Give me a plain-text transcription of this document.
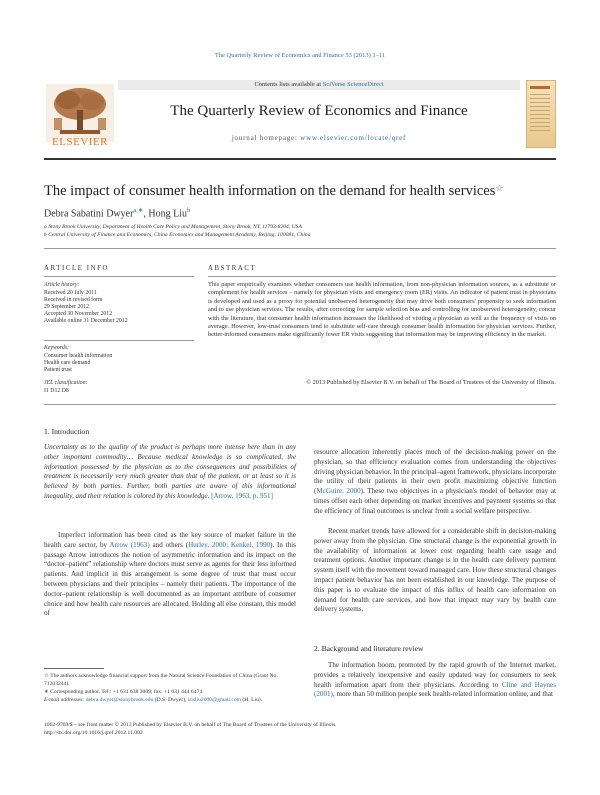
The Quarterly Review of Economics and Finance 53 (2013) 1–11
Contents lists available at SciVerse ScienceDirect
ELSEVIER
The Quarterly Review of Economics and Finance
journal homepage: www.elsevier.com/locate/qref
The impact of consumer health information on the demand for health services☆
Debra Sabatini Dwyer$^{a,∗}$, Hong Liu$^b$
a Stony Brook University, Department of Health Care Policy and Management, Stony Brook, NY, 11793-8204, USA
b Central University of Finance and Economics, China Economics and Management Academy, Beijing, 100081, China
ARTICLE INFO
Article history:
Received 20 July 2011
Received in revised form
29 September 2012
Accepted 30 November 2012
Available online 31 December 2012
Keywords:
Consumer health information
Health care demand
Patient trust
JEL classification:
I1 D12 D8
ABSTRACT
This paper empirically examines whether consumers use health information, from non-physician information sources, as a substitute or complement for health services – namely for physician visits and emergency room (ER) visits. An indicator of patient trust in physicians is developed and used as a proxy for potential unobserved heterogeneity that may drive both consumers' propensity to seek information and to use physician services. The results, after correcting for sample selection bias and controlling for unobserved heterogeneity, concur with the literature, that consumer health information increases the likelihood of visiting a physician as well as the frequency of visits on average. However, low-trust consumers tend to substitute self-care through consumer health information for physician services. Further, better-informed consumers make significantly fewer ER visits suggesting that information may be improving efficiency in the market.
© 2013 Published by Elsevier B.V. on behalf of The Board of Trustees of the University of Illinois.
1. Introduction
Uncertainty as to the quality of the product is perhaps more intense here than in any other important commodity… Because medical knowledge is so complicated, the information possessed by the physician as to the consequences and possibilities of treatment is necessarily very much greater than that of the patient, or at least so it is believed by both parties. Further, both parties are aware of this informational inequality, and their relation is colored by this knowledge. [Arrow, 1963, p. 951]
Imperfect information has been cited as the key source of market failure in the health care sector, by Arrow (1963) and others (Hurley, 2000; Kenkel, 1990). In this passage Arrow introduces the notion of asymmetric information and its impact on the “doctor–patient” relationship where doctors must serve as agents for their less informed patients. And implicit in this arrangement is some degree of trust that must occur between physicians and their principles – namely their patients. The importance of the doctor–patient relationship is well documented as an important attribute of consumer choice and how health care resources are allocated. Holding all else constant, this model of
☆ The authors acknowledge financial support from the Natural Science Foundation of China (Grant No. 71203244).
∗ Corresponding author. Tel.: +1 631 638 3009; fax: +1 631 444 6474.
E-mail addresses: debra.dwyer@stonybrook.edu (D.S. Dwyer), irisliu2000@gmail.com (H. Liu).
resource allocation inherently places much of the decision-making power on the physician, so that efficiency evaluation comes from understanding the objectives driving physician behavior. In the principal–agent framework, physicians incorporate the utility of their patients in their own profit maximizing objective function (McGuire, 2000). These two objectives in a physician's model of behavior may at times offset each other depending on market incentives and payment systems so that the efficiency of final outcomes is unclear from a social welfare perspective.
Recent market trends have allowed for a considerable shift in decision-making power away from the physician. One structural change is the exponential growth in the availability of information at lower cost regarding health care usage and treatment options. Another important change is in the health care delivery payment system itself with the movement toward managed care. How these structural changes impact patient behavior has not been established in our knowledge. The purpose of this paper is to evaluate the impact of this influx of health care information on demand for health care services, and how that impact may vary by health care delivery systems.
2. Background and literature review
The information boom, promoted by the rapid growth of the Internet market, provides a relatively inexpensive and easily updated way for consumers to seek health information apart from their physicians. According to Cline and Haynes (2001), more than 50 million people seek health-related information online, and that
1062-9769/$ – see front matter © 2013 Published by Elsevier B.V. on behalf of The Board of Trustees of the University of Illinois.
http://dx.doi.org/10.1016/j.qref.2012.11.002
